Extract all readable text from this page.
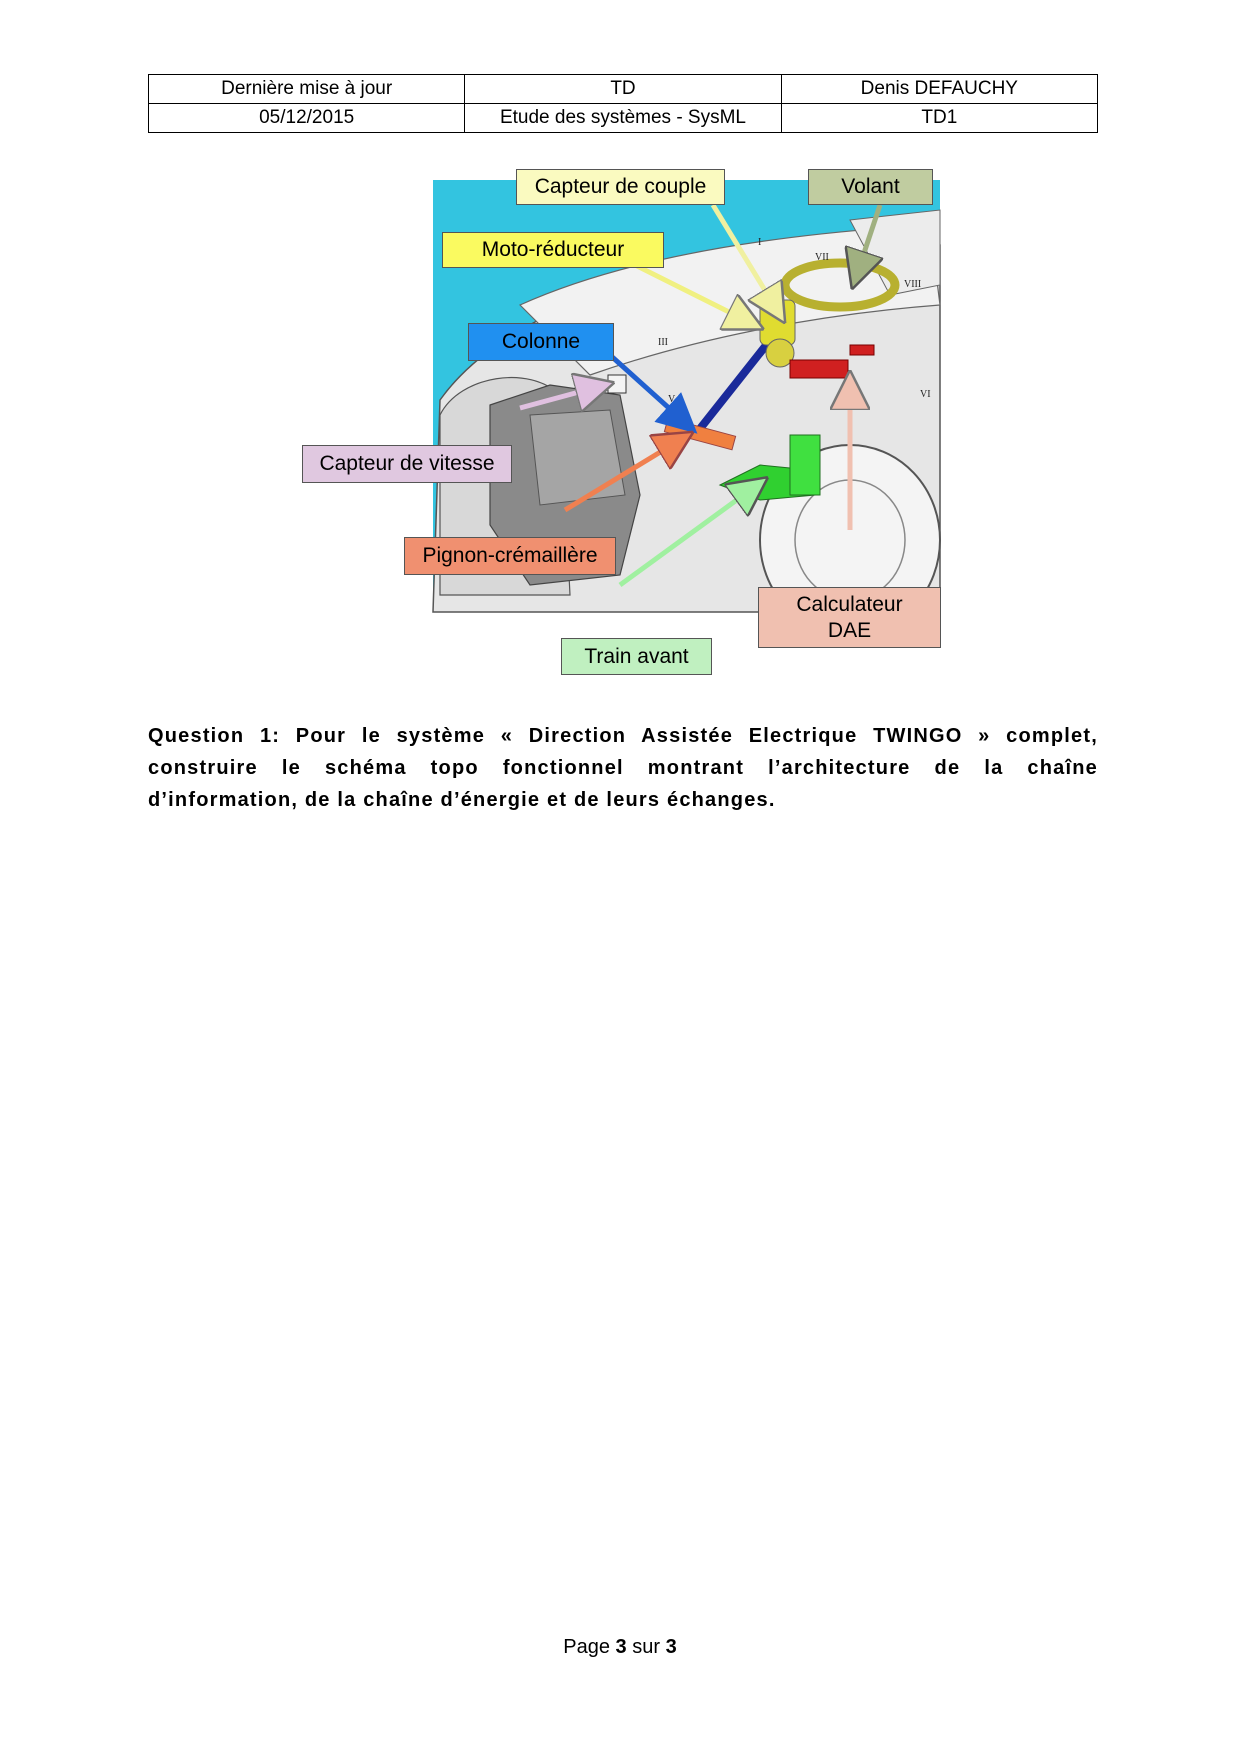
Dernière mise à jour	TD	Denis DEFAUCHY
05/12/2015	Etude des systèmes - SysML	TD1
I
VII
VIII
III
V	VI
Capteur de couple	Volant
Moto-réducteur
Colonne
Capteur de vitesse
Pignon-crémaillère
Calculateur
DAE
Train avant
Question 1: Pour le système « Direction Assistée Electrique TWINGO » complet, construire le schéma topo fonctionnel montrant l’architecture de la chaîne d’information, de la chaîne d’énergie et de leurs échanges.
Page 3 sur 3
